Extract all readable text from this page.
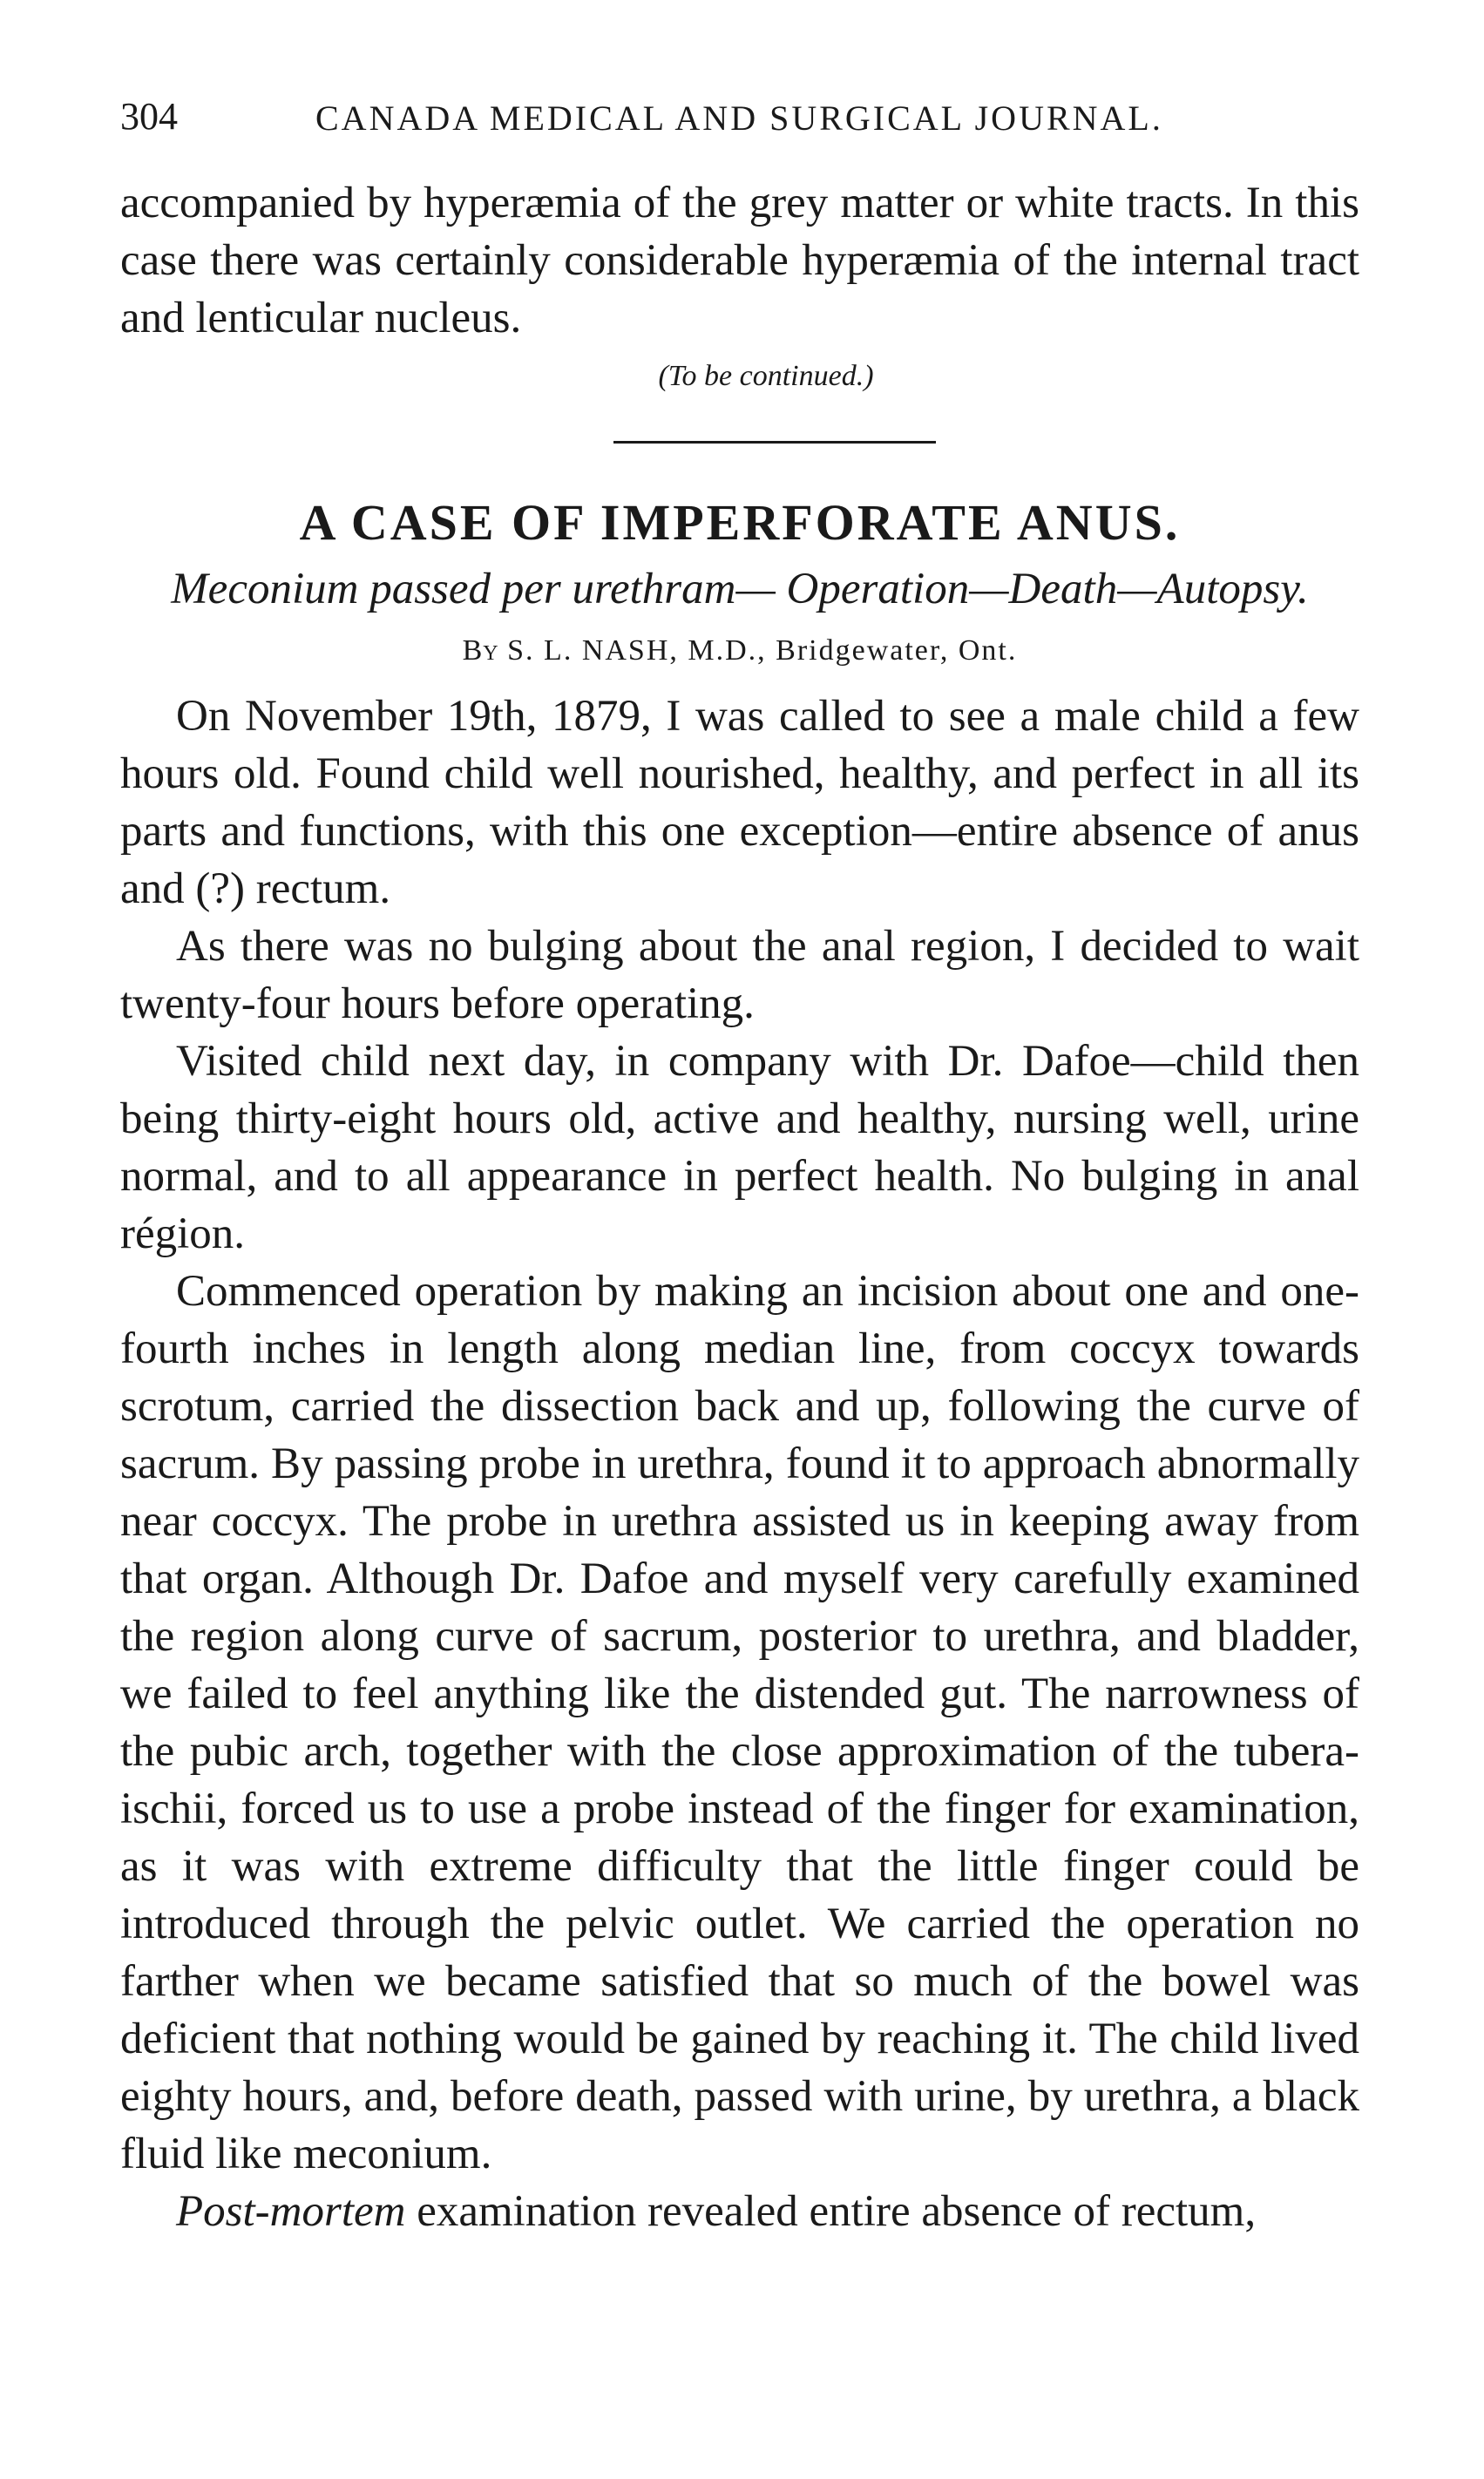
304	CANADA MEDICAL AND SURGICAL JOURNAL.

accompanied by hyperæmia of the grey matter or white tracts. In this case there was certainly considerable hyperæmia of the internal tract and lenticular nucleus.

(To be continued.)

A CASE OF IMPERFORATE ANUS.

Meconium passed per urethram— Operation—Death—Autopsy.

By S. L. NASH, M.D., Bridgewater, Ont.

On November 19th, 1879, I was called to see a male child a few hours old. Found child well nourished, healthy, and perfect in all its parts and functions, with this one exception—entire absence of anus and (?) rectum.

As there was no bulging about the anal region, I decided to wait twenty-four hours before operating.

Visited child next day, in company with Dr. Dafoe—child then being thirty-eight hours old, active and healthy, nursing well, urine normal, and to all appearance in perfect health. No bulging in anal région.

Commenced operation by making an incision about one and one-fourth inches in length along median line, from coccyx towards scrotum, carried the dissection back and up, following the curve of sacrum. By passing probe in urethra, found it to approach abnormally near coccyx. The probe in urethra assisted us in keeping away from that organ. Although Dr. Dafoe and myself very carefully examined the region along curve of sacrum, posterior to urethra, and bladder, we failed to feel anything like the distended gut. The narrowness of the pubic arch, together with the close approximation of the tubera-ischii, forced us to use a probe instead of the finger for examination, as it was with extreme difficulty that the little finger could be introduced through the pelvic outlet. We carried the operation no farther when we became satisfied that so much of the bowel was deficient that nothing would be gained by reaching it. The child lived eighty hours, and, before death, passed with urine, by urethra, a black fluid like meconium.

Post-mortem examination revealed entire absence of rectum,
